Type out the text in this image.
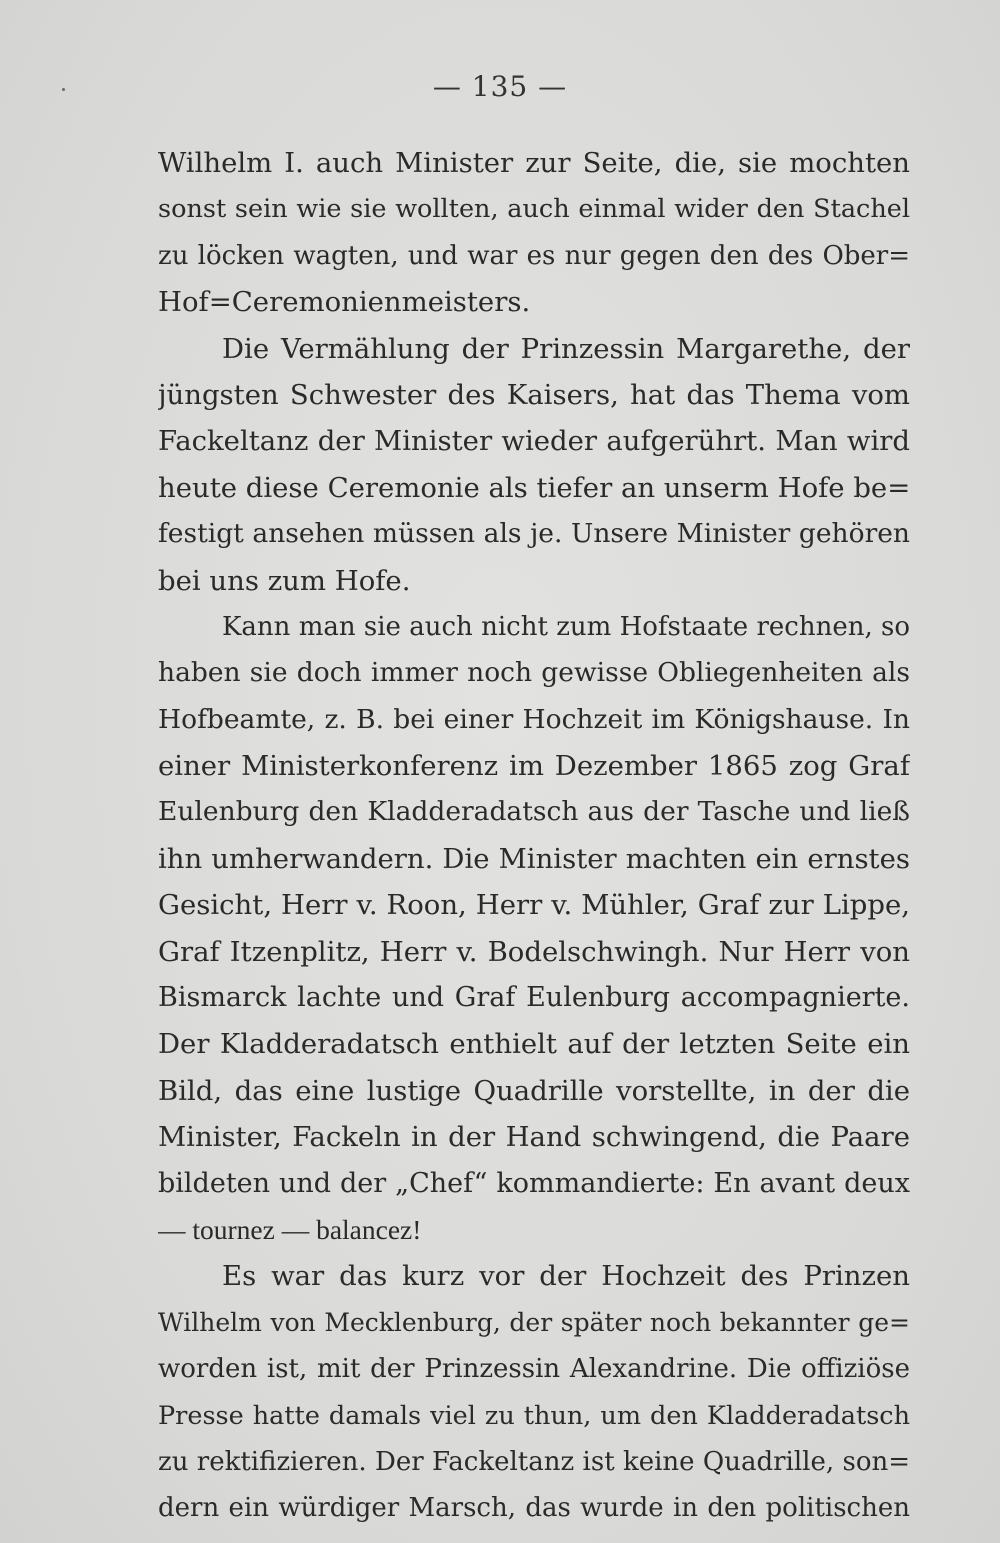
— 135 —
Wilhelm I. auch Minister zur Seite, die, sie mochten
sonst sein wie sie wollten, auch einmal wider den Stachel
zu löcken wagten, und war es nur gegen den des Ober=
Hof=Ceremonienmeisters.
Die Vermählung der Prinzessin Margarethe, der
jüngsten Schwester des Kaisers, hat das Thema vom
Fackeltanz der Minister wieder aufgerührt. Man wird
heute diese Ceremonie als tiefer an unserm Hofe be=
festigt ansehen müssen als je. Unsere Minister gehören
bei uns zum Hofe.
Kann man sie auch nicht zum Hofstaate rechnen, so
haben sie doch immer noch gewisse Obliegenheiten als
Hofbeamte, z. B. bei einer Hochzeit im Königshause. In
einer Ministerkonferenz im Dezember 1865 zog Graf
Eulenburg den Kladderadatsch aus der Tasche und ließ
ihn umherwandern. Die Minister machten ein ernstes
Gesicht, Herr v. Roon, Herr v. Mühler, Graf zur Lippe,
Graf Itzenplitz, Herr v. Bodelschwingh. Nur Herr von
Bismarck lachte und Graf Eulenburg accompagnierte.
Der Kladderadatsch enthielt auf der letzten Seite ein
Bild, das eine lustige Quadrille vorstellte, in der die
Minister, Fackeln in der Hand schwingend, die Paare
bildeten und der „Chef“ kommandierte: En avant deux
— tournez — balancez!
Es war das kurz vor der Hochzeit des Prinzen
Wilhelm von Mecklenburg, der später noch bekannter ge=
worden ist, mit der Prinzessin Alexandrine. Die offiziöse
Presse hatte damals viel zu thun, um den Kladderadatsch
zu rektifizieren. Der Fackeltanz ist keine Quadrille, son=
dern ein würdiger Marsch, das wurde in den politischen
